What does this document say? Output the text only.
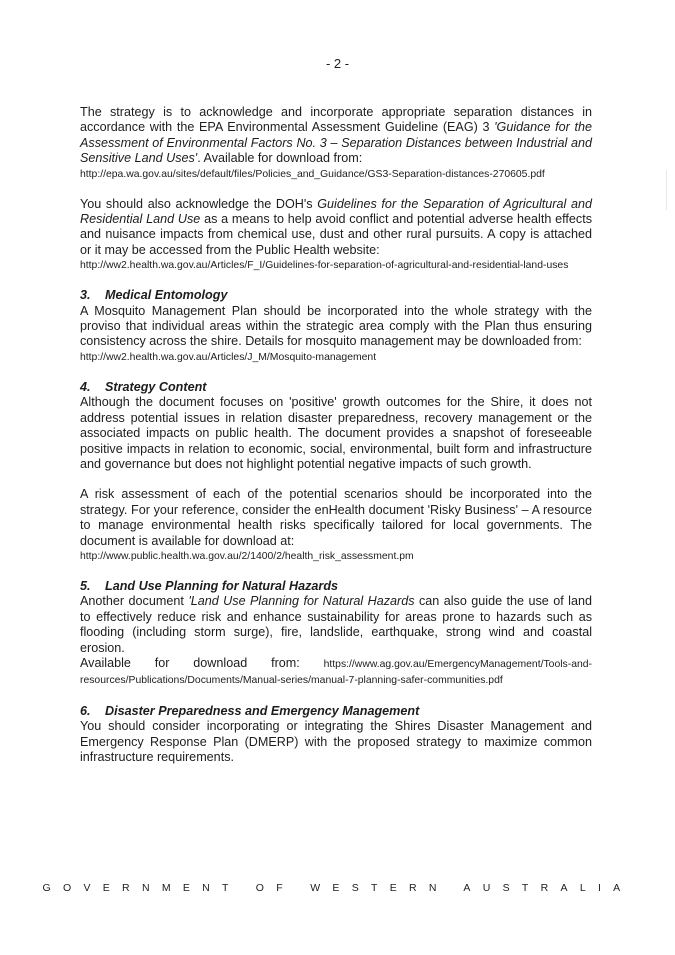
- 2 -

The strategy is to acknowledge and incorporate appropriate separation distances in accordance with the EPA Environmental Assessment Guideline (EAG) 3 'Guidance for the Assessment of Environmental Factors No. 3 – Separation Distances between Industrial and Sensitive Land Uses'. Available for download from:

http://epa.wa.gov.au/sites/default/files/Policies_and_Guidance/GS3-Separation-distances-270605.pdf

You should also acknowledge the DOH's Guidelines for the Separation of Agricultural and Residential Land Use as a means to help avoid conflict and potential adverse health effects and nuisance impacts from chemical use, dust and other rural pursuits. A copy is attached or it may be accessed from the Public Health website:

http://ww2.health.wa.gov.au/Articles/F_I/Guidelines-for-separation-of-agricultural-and-residential-land-uses

3. Medical Entomology

A Mosquito Management Plan should be incorporated into the whole strategy with the proviso that individual areas within the strategic area comply with the Plan thus ensuring consistency across the shire. Details for mosquito management may be downloaded from:

http://ww2.health.wa.gov.au/Articles/J_M/Mosquito-management

4. Strategy Content

Although the document focuses on 'positive' growth outcomes for the Shire, it does not address potential issues in relation disaster preparedness, recovery management or the associated impacts on public health. The document provides a snapshot of foreseeable positive impacts in relation to economic, social, environmental, built form and infrastructure and governance but does not highlight potential negative impacts of such growth.

A risk assessment of each of the potential scenarios should be incorporated into the strategy. For your reference, consider the enHealth document 'Risky Business' – A resource to manage environmental health risks specifically tailored for local governments. The document is available for download at:

http://www.public.health.wa.gov.au/2/1400/2/health_risk_assessment.pm

5. Land Use Planning for Natural Hazards

Another document 'Land Use Planning for Natural Hazards can also guide the use of land to effectively reduce risk and enhance sustainability for areas prone to hazards such as flooding (including storm surge), fire, landslide, earthquake, strong wind and coastal erosion.

Available for download from: https://www.ag.gov.au/EmergencyManagement/Tools-and-resources/Publications/Documents/Manual-series/manual-7-planning-safer-communities.pdf

6. Disaster Preparedness and Emergency Management

You should consider incorporating or integrating the Shires Disaster Management and Emergency Response Plan (DMERP) with the proposed strategy to maximize common infrastructure requirements.

GOVERNMENT OF WESTERN AUSTRALIA
